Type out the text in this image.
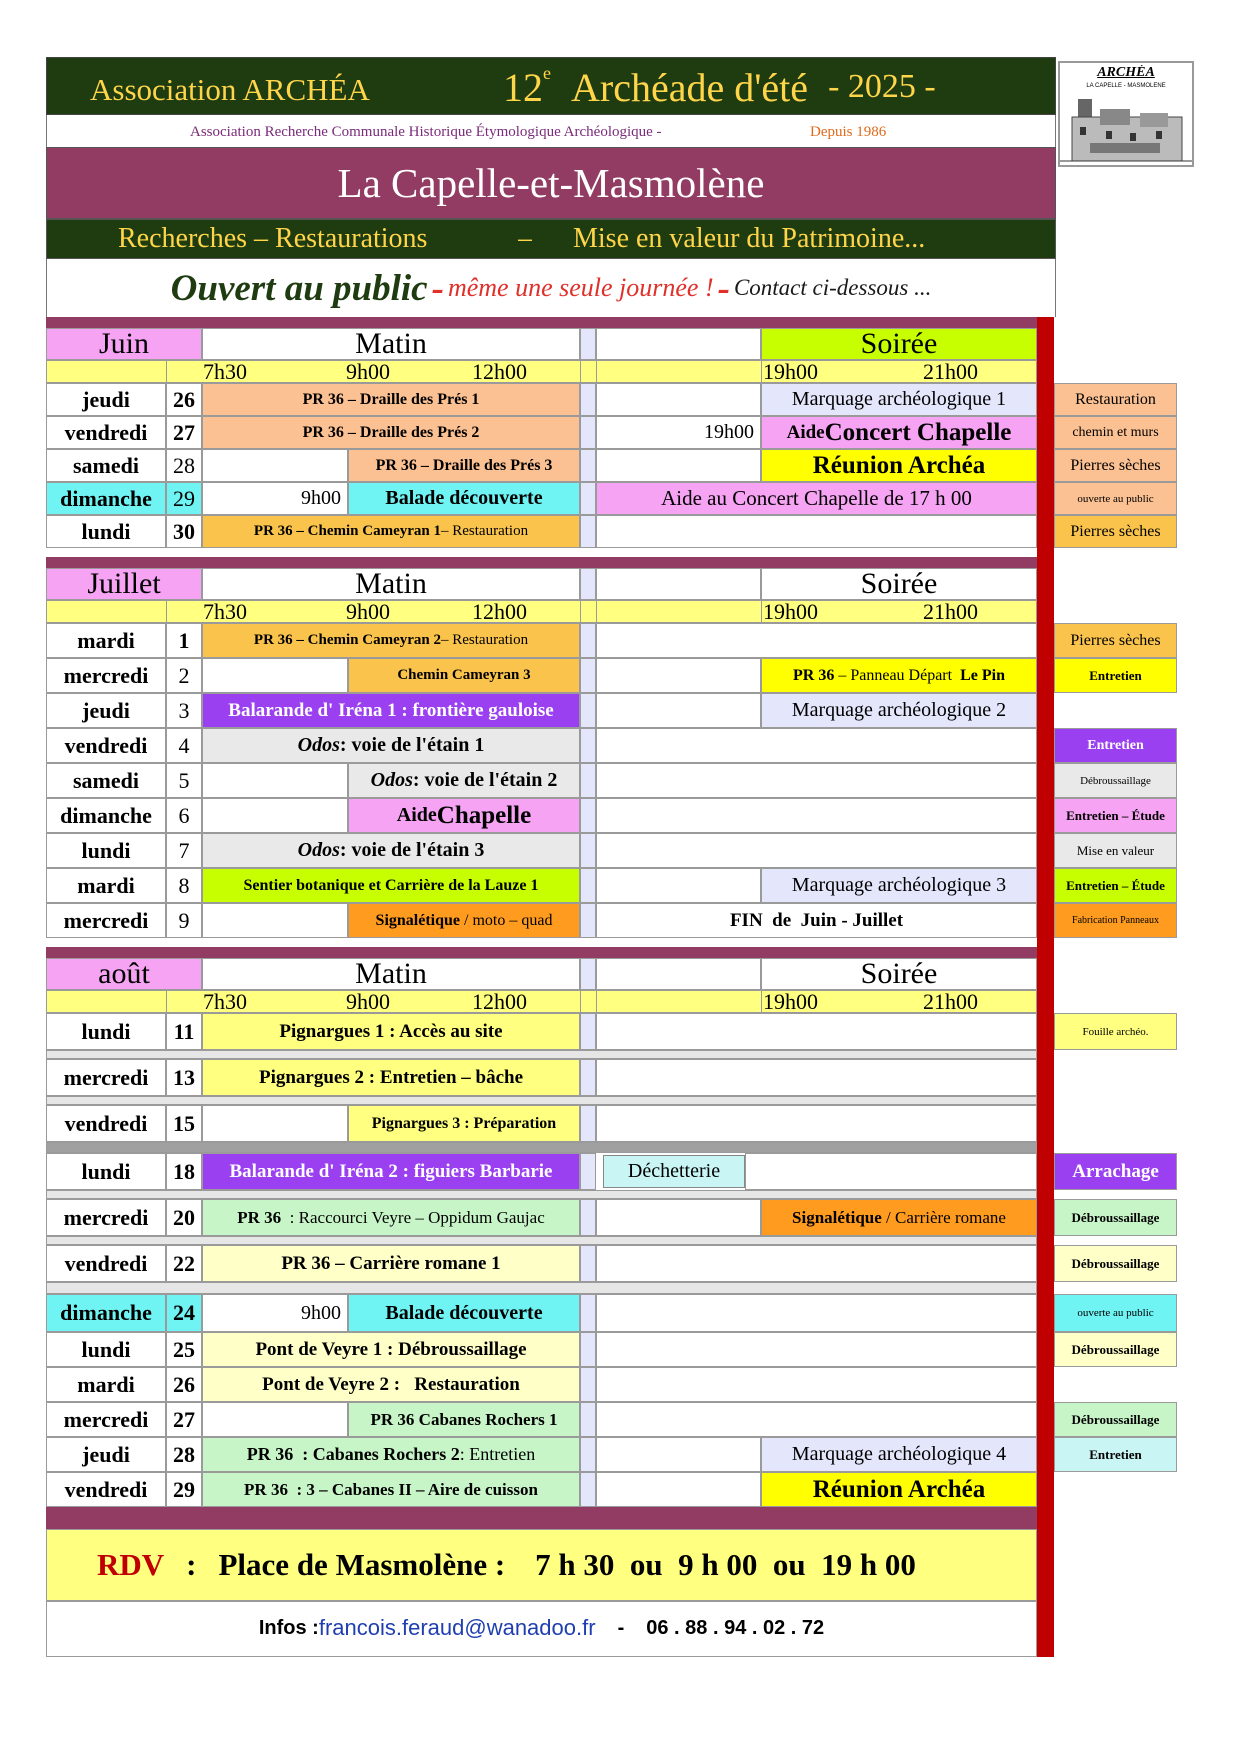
Association ARCHÉA	12e
Archéade d'été
- 2025 -
Association Recherche Communale Historique Étymologique Archéologique -	Depuis 1986
La Capelle-et-Masmolène
Recherches – Restaurations	– Mise en valeur du Patrimoine...
Ouvert au public
-
même une seule journée !
-
Contact ci-dessous ...
ARCHÉA
LA CAPELLE - MASMOLENE
Juin	Matin	Soirée
7h30	9h00	12h00	19h00	21h00
jeudi	26	PR 36 – Draille des Prés 1	Marquage archéologique 1	Restauration
vendredi	27	PR 36 – Draille des Prés 2	19h00	Aide Concert Chapelle	chemin et murs
samedi	28	PR 36 – Draille des Prés 3	Réunion Archéa	Pierres sèches
dimanche 29	9h00	Balade découverte	Aide au Concert Chapelle de 17 h 00	ouverte au public
lundi	30	PR 36 – Chemin Cameyran 1 – Restauration	Pierres sèches
Juillet	Matin	Soirée
7h30	9h00	12h00	19h00	21h00
mardi	1	PR 36 – Chemin Cameyran 2 – Restauration	Pierres sèches
mercredi	2	Chemin Cameyran 3	PR 36 – Panneau Départ Le Pin	Entretien
jeudi	3	Balarande d' Iréna 1 : frontière gauloise	Marquage archéologique 2
vendredi	4	Odos : voie de l'étain 1	Entretien
samedi	5	Odos : voie de l'étain 2	Débroussaillage
dimanche	6	Aide Chapelle	Entretien – Étude
lundi	7	Odos : voie de l'étain 3	Mise en valeur
mardi	8	Sentier botanique et Carrière de la Lauze 1	Marquage archéologique 3	Entretien – Étude
mercredi	9	Signalétique / moto – quad	FIN  de  Juin - Juillet	Fabrication Panneaux
août	Matin	Soirée
7h30	9h00	12h00	19h00	21h00
lundi	11	Pignargues 1 : Accès au site	Fouille archéo.
mercredi	13	Pignargues 2 : Entretien – bâche
vendredi	15	Pignargues 3 : Préparation
lundi	18	Balarande d' Iréna 2 : figuiers Barbarie	Déchetterie	Arrachage
mercredi	20	PR 36 : Raccourci Veyre – Oppidum Gaujac	Signalétique / Carrière romane	Débroussaillage
vendredi	22	PR 36 – Carrière romane 1	Débroussaillage
dimanche 24	9h00	Balade découverte	ouverte au public
lundi	25	Pont de Veyre 1 : Débroussaillage	Débroussaillage
mardi	26	Pont de Veyre 2 :   Restauration
mercredi	27	PR 36 Cabanes Rochers 1	Débroussaillage
jeudi	28	PR 36 : Cabanes Rochers 2 : Entretien	Marquage archéologique 4	Entretien
vendredi	29	PR 36  : 3 – Cabanes II – Aire de cuisson	Réunion Archéa
RDV : Place de Masmolène : 7 h 30  ou  9 h 00  ou  19 h 00
Infos : francois.feraud@wanadoo.fr - 06 . 88 . 94 . 02 . 72
